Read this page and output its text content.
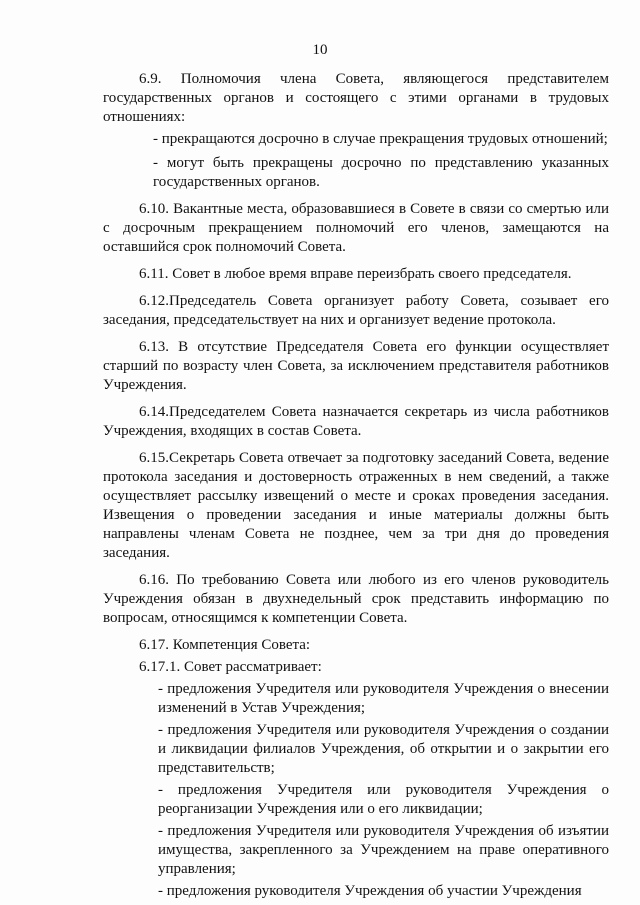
10

6.9. Полномочия члена Совета, являющегося представителем государственных органов и состоящего с этими органами в трудовых отношениях:

- прекращаются досрочно в случае прекращения трудовых отношений;

- могут быть прекращены досрочно по представлению указанных государственных органов.

6.10. Вакантные места, образовавшиеся в Совете в связи со смертью или с досрочным прекращением полномочий его членов, замещаются на оставшийся срок полномочий Совета.

6.11. Совет в любое время вправе переизбрать своего председателя.

6.12.Председатель Совета организует работу Совета, созывает его заседания, председательствует на них и организует ведение протокола.

6.13. В отсутствие Председателя Совета его функции осуществляет старший по возрасту член Совета, за исключением представителя работников Учреждения.

6.14.Председателем Совета назначается секретарь из числа работников Учреждения, входящих в состав Совета.

6.15.Секретарь Совета отвечает за подготовку заседаний Совета, ведение протокола заседания и достоверность отраженных в нем сведений, а также осуществляет рассылку извещений о месте и сроках проведения заседания. Извещения о проведении заседания и иные материалы должны быть направлены членам Совета не позднее, чем за три дня до проведения заседания.

6.16. По требованию Совета или любого из его членов руководитель Учреждения обязан в двухнедельный срок представить информацию по вопросам, относящимся к компетенции Совета.

6.17. Компетенция Совета:

6.17.1. Совет рассматривает:

- предложения Учредителя или руководителя Учреждения о внесении изменений в Устав Учреждения;

- предложения Учредителя или руководителя Учреждения о создании и ликвидации филиалов Учреждения, об открытии и о закрытии его представительств;

- предложения Учредителя или руководителя Учреждения о реорганизации Учреждения или о его ликвидации;

- предложения Учредителя или руководителя Учреждения об изъятии имущества, закрепленного за Учреждением на праве оперативного управления;

- предложения руководителя Учреждения об участии Учреждения
